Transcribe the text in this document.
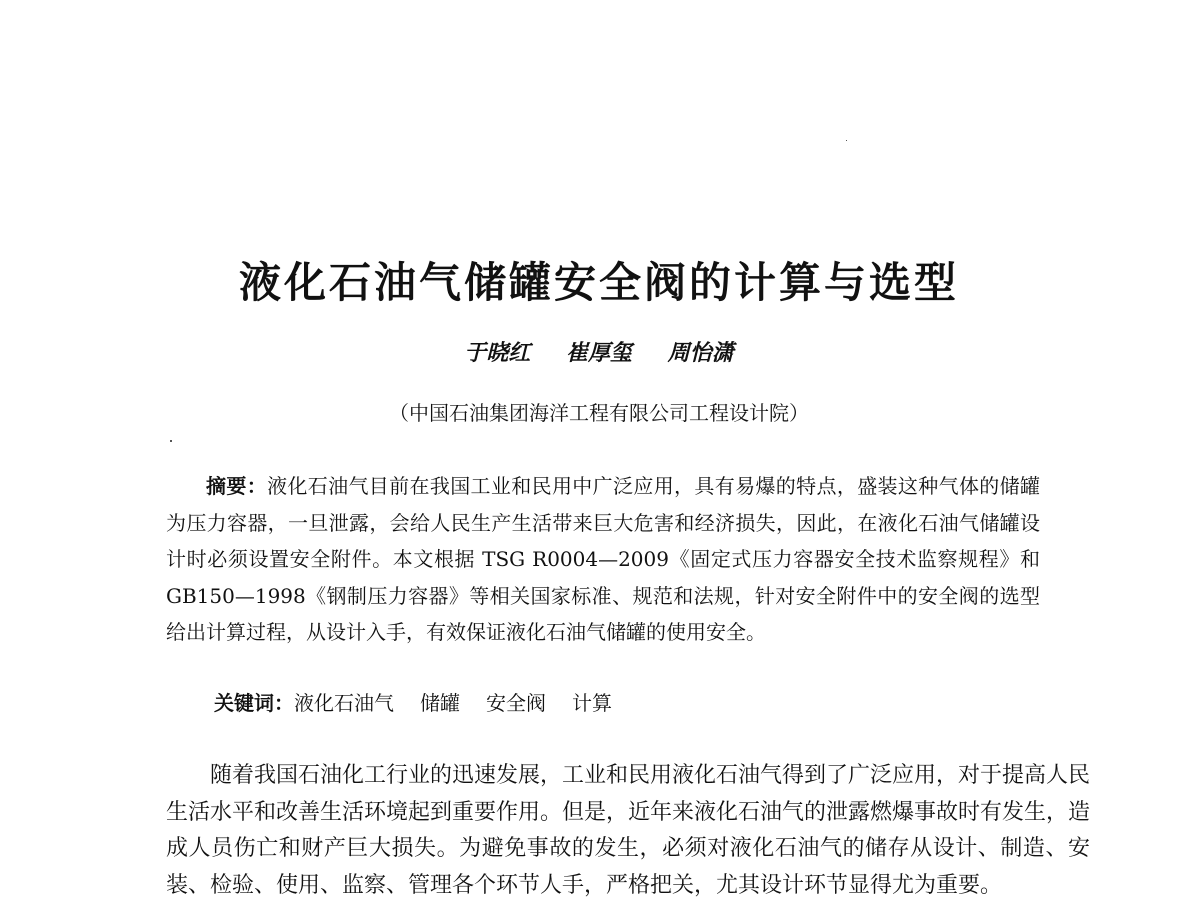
液化石油气储罐安全阀的计算与选型
于晓红 崔厚玺 周怡潇
（中国石油集团海洋工程有限公司工程设计院）

摘要：液化石油气目前在我国工业和民用中广泛应用，具有易爆的特点，盛装这种气体的储罐为压力容器，一旦泄露，会给人民生产生活带来巨大危害和经济损失，因此，在液化石油气储罐设计时必须设置安全附件。本文根据 TSG R0004—2009《固定式压力容器安全技术监察规程》和 GB150—1998《钢制压力容器》等相关国家标准、规范和法规，针对安全附件中的安全阀的选型给出计算过程，从设计入手，有效保证液化石油气储罐的使用安全。

关键词：液化石油气 储罐 安全阀 计算

随着我国石油化工行业的迅速发展，工业和民用液化石油气得到了广泛应用，对于提高人民生活水平和改善生活环境起到重要作用。但是，近年来液化石油气的泄露燃爆事故时有发生，造成人员伤亡和财产巨大损失。为避免事故的发生，必须对液化石油气的储存从设计、制造、安装、检验、使用、监察、管理各个环节人手，严格把关，尤其设计环节显得尤为重要。
